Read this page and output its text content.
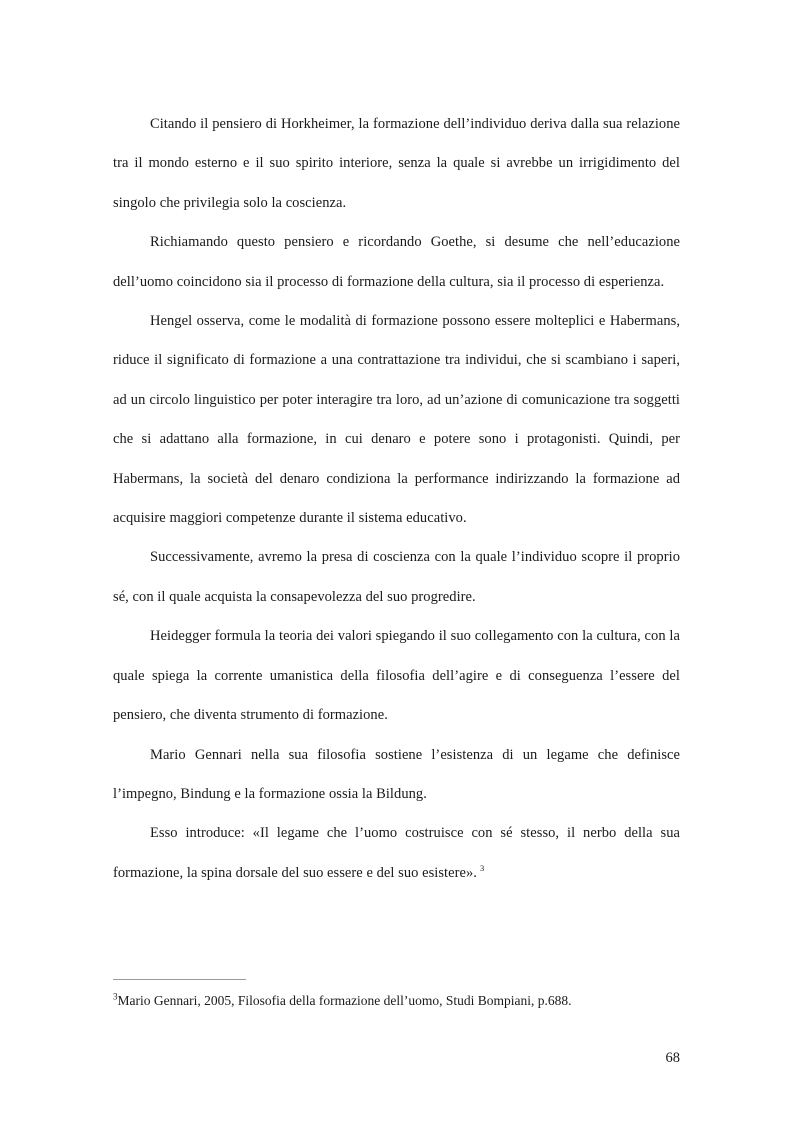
Citando il pensiero di Horkheimer, la formazione dell’individuo deriva dalla sua relazione tra il mondo esterno e il suo spirito interiore, senza la quale si avrebbe un irrigidimento del singolo che privilegia solo la coscienza.

Richiamando questo pensiero e ricordando Goethe, si desume che nell’educazione dell’uomo coincidono sia il processo di formazione della cultura, sia il processo di esperienza.

Hengel osserva, come le modalità di formazione possono essere molteplici e Habermans, riduce il significato di formazione a una contrattazione tra individui, che si scambiano i saperi, ad un circolo linguistico per poter interagire tra loro, ad un’azione di comunicazione tra soggetti che si adattano alla formazione, in cui denaro e potere sono i protagonisti. Quindi, per Habermans, la società del denaro condiziona la performance indirizzando la formazione ad acquisire maggiori competenze durante il sistema educativo.

Successivamente, avremo la presa di coscienza con la quale l’individuo scopre il proprio sé, con il quale acquista la consapevolezza del suo progredire.

Heidegger formula la teoria dei valori spiegando il suo collegamento con la cultura, con la quale spiega la corrente umanistica della filosofia dell’agire e di conseguenza l’essere del pensiero, che diventa strumento di formazione.

Mario Gennari nella sua filosofia sostiene l’esistenza di un legame che definisce l’impegno, Bindung e la formazione ossia la Bildung.

Esso introduce: «Il legame che l’uomo costruisce con sé stesso, il nerbo della sua formazione, la spina dorsale del suo essere e del suo esistere». $^3$

$^3$Mario Gennari, 2005, Filosofia della formazione dell’uomo, Studi Bompiani, p.688.

68
